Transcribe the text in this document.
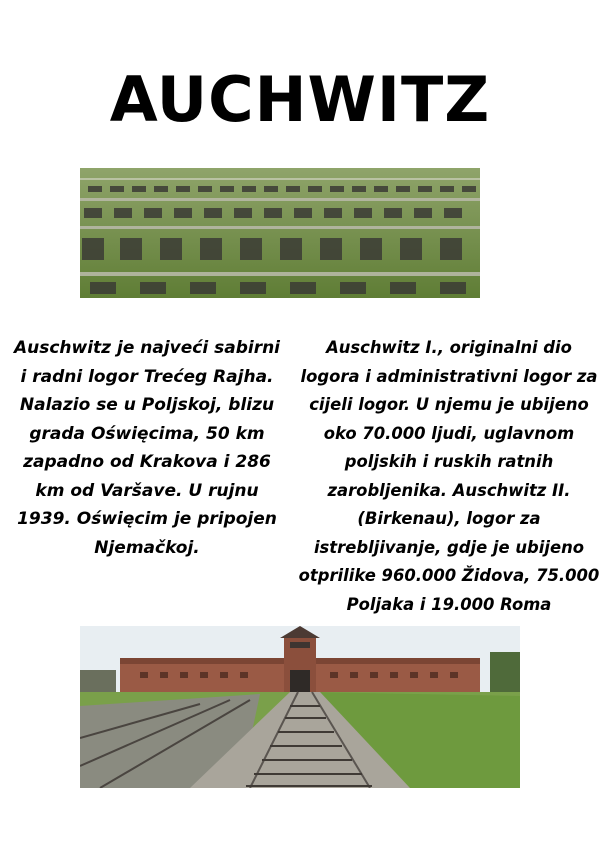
AUCHWITZ
Auschwitz je najveći sabirni i radni logor Trećeg Rajha. Nalazio se u Poljskoj, blizu grada Oświęcima, 50 km zapadno od Krakova i 286 km od Varšave. U rujnu 1939. Oświęcim je pripojen Njemačkoj.
Auschwitz I., originalni dio logora i administrativni logor za cijeli logor. U njemu je ubijeno oko 70.000 ljudi, uglavnom poljskih i ruskih ratnih zarobljenika. Auschwitz II. (Birkenau), logor za istrebljivanje, gdje je ubijeno otprilike 960.000 Židova, 75.000 Poljaka i 19.000 Roma
